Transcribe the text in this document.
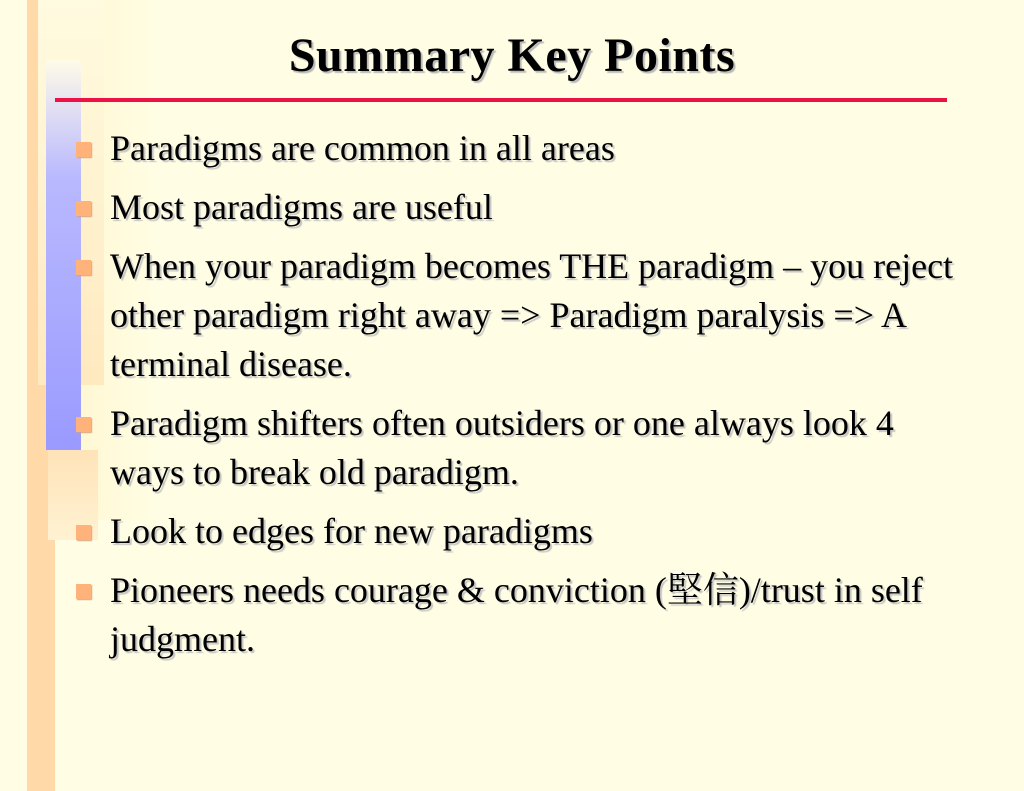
Summary Key Points
Paradigms are common in all areas
Most paradigms are useful
When your paradigm becomes THE paradigm – you reject other paradigm right away => Paradigm paralysis => A terminal disease.
Paradigm shifters often outsiders or one always look 4 ways to break old paradigm.
Look to edges for new paradigms
Pioneers needs courage & conviction (堅信)/trust in self judgment.
